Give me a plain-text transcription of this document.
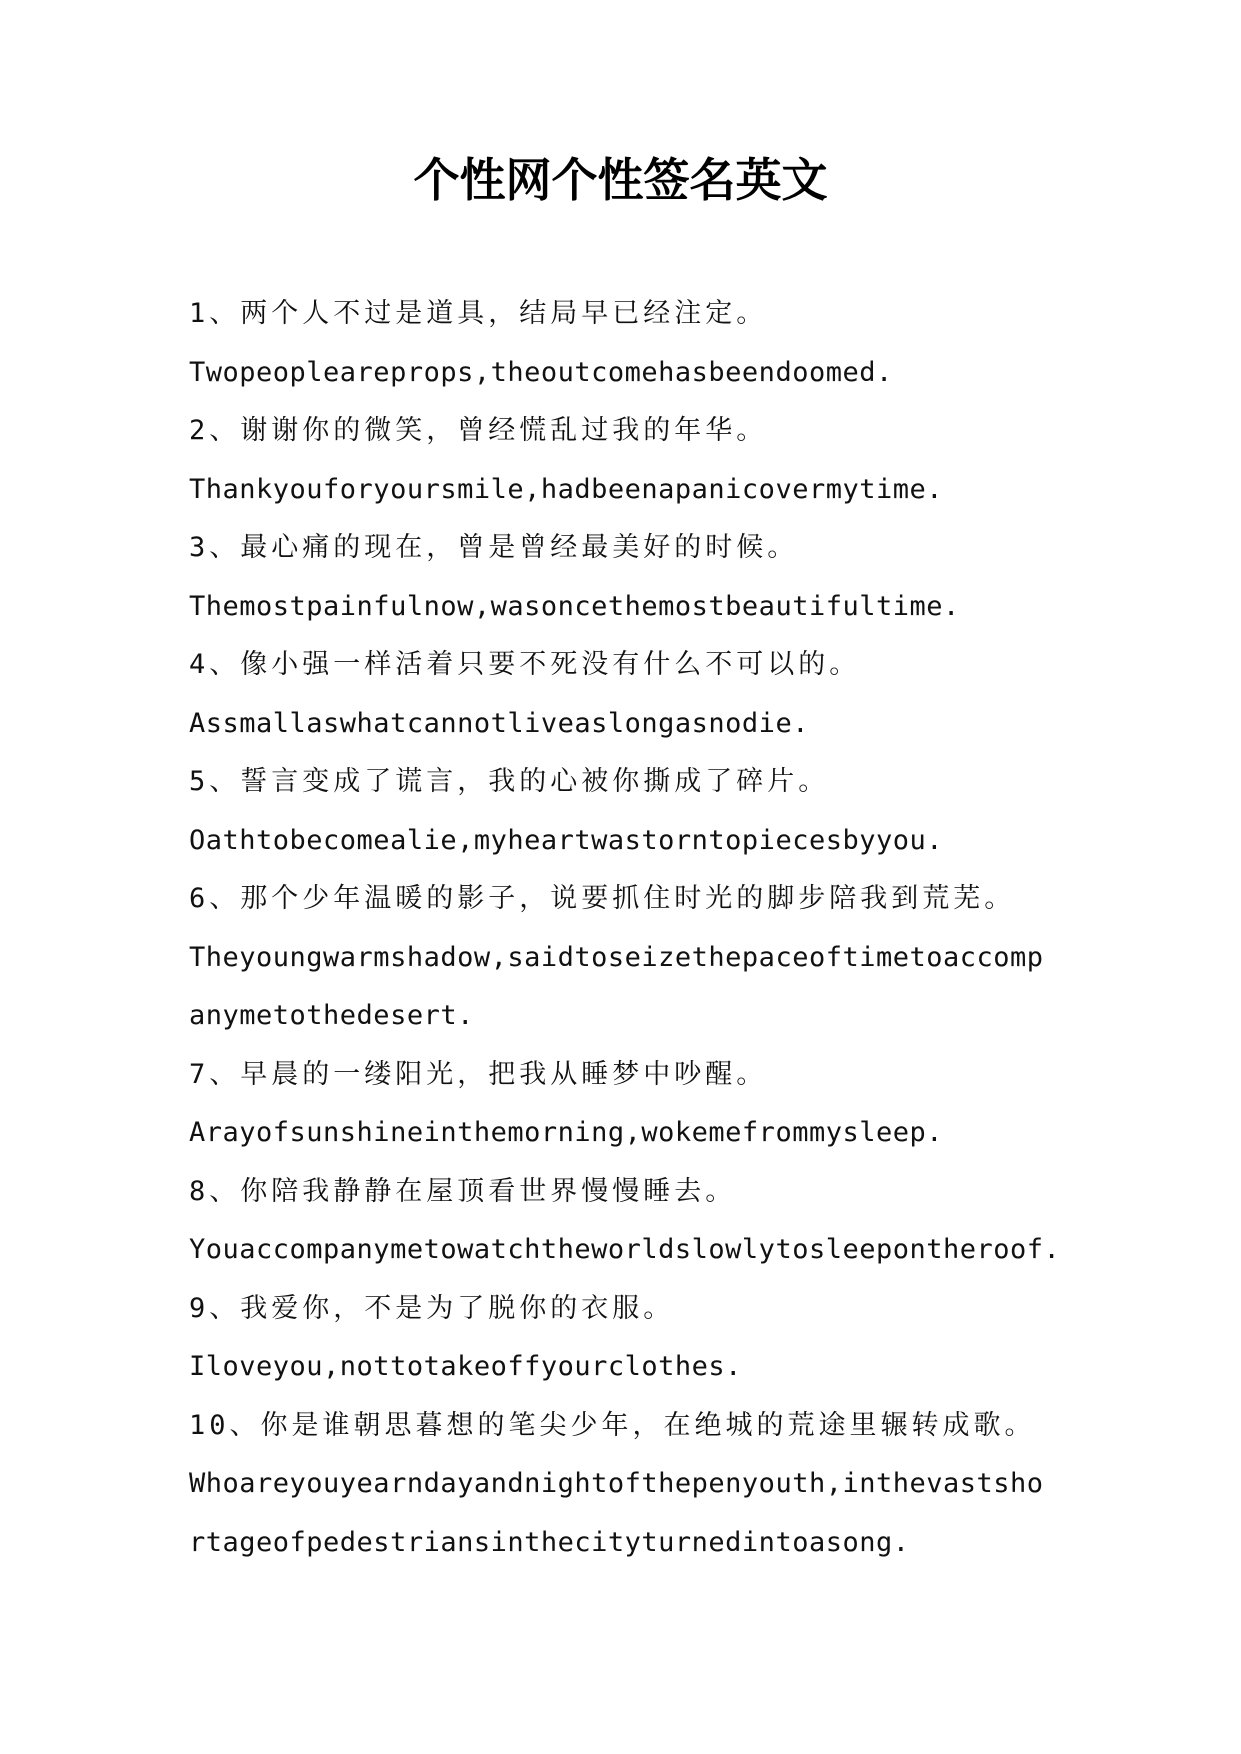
个性网个性签名英文
1、两个人不过是道具，结局早已经注定。
Twopeopleareprops,theoutcomehasbeendoomed.
2、谢谢你的微笑，曾经慌乱过我的年华。
Thankyouforyoursmile,hadbeenapanicovermytime.
3、最心痛的现在，曾是曾经最美好的时候。
Themostpainfulnow,wasoncethemostbeautifultime.
4、像小强一样活着只要不死没有什么不可以的。
Assmallaswhatcannotliveaslongasnodie.
5、誓言变成了谎言，我的心被你撕成了碎片。
Oathtobecomealie,myheartwastorntopiecesbyyou.
6、那个少年温暖的影子，说要抓住时光的脚步陪我到荒芜。
Theyoungwarmshadow,saidtoseizethepaceoftimetoaccomp
anymetothedesert.
7、早晨的一缕阳光，把我从睡梦中吵醒。
Arayofsunshineinthemorning,wokemefrommysleep.
8、你陪我静静在屋顶看世界慢慢睡去。
Youaccompanymetowatchtheworldslowlytosleepontheroof.
9、我爱你，不是为了脱你的衣服。
Iloveyou,nottotakeoffyourclothes.
10、你是谁朝思暮想的笔尖少年，在绝城的荒途里辗转成歌。
Whoareyouyearndayandnightofthepenyouth,inthevastsho
rtageofpedestriansinthecityturnedintoasong.
